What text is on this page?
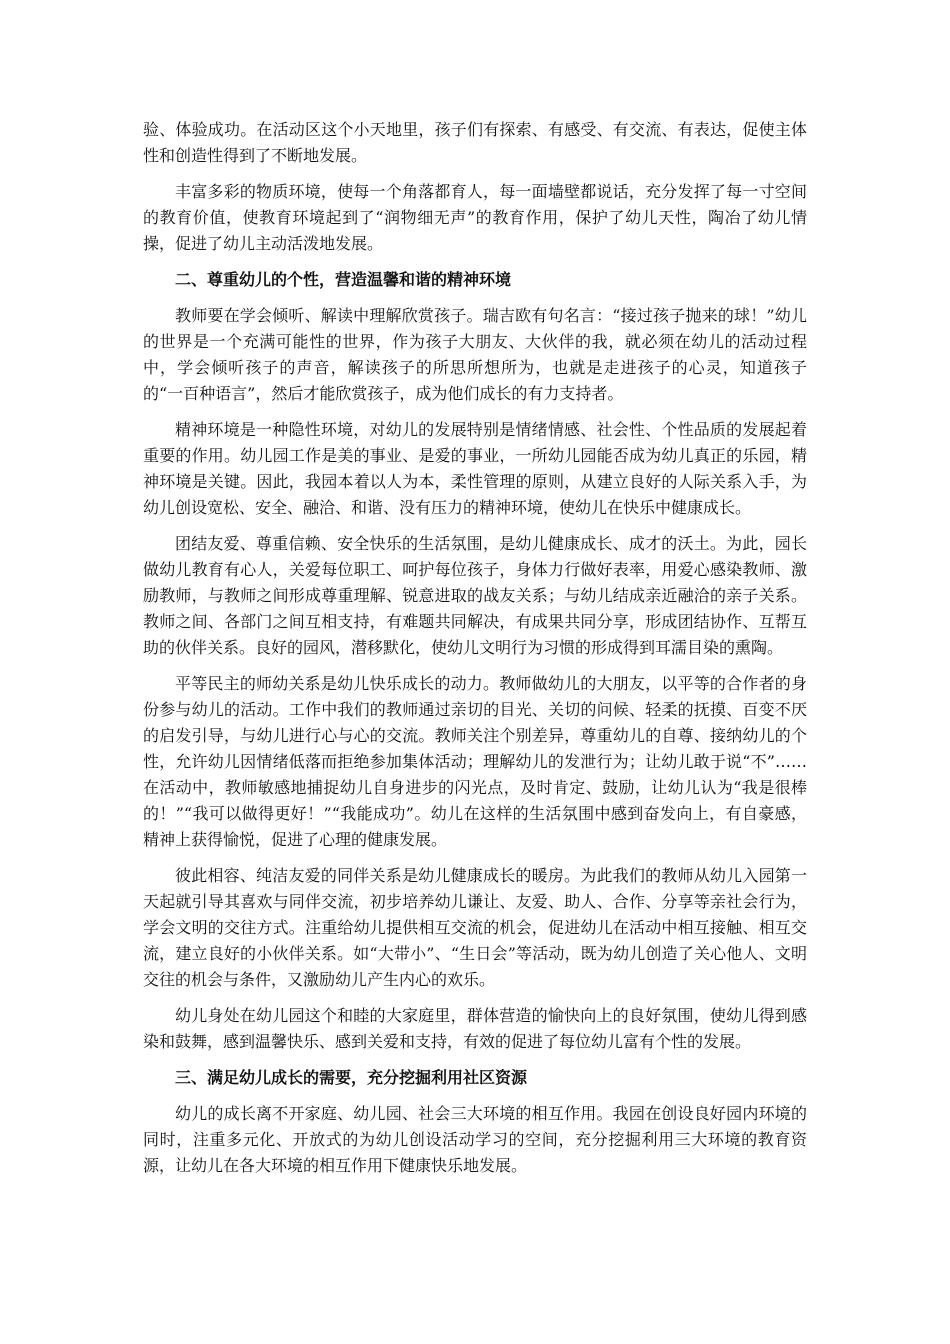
验、体验成功。在活动区这个小天地里，孩子们有探索、有感受、有交流、有表达，促使主体性和创造性得到了不断地发展。

丰富多彩的物质环境，使每一个角落都育人，每一面墙壁都说话，充分发挥了每一寸空间的教育价值，使教育环境起到了“润物细无声”的教育作用，保护了幼儿天性，陶冶了幼儿情操，促进了幼儿主动活泼地发展。

二、尊重幼儿的个性，营造温馨和谐的精神环境

教师要在学会倾听、解读中理解欣赏孩子。瑞吉欧有句名言：“接过孩子抛来的球！”幼儿的世界是一个充满可能性的世界，作为孩子大朋友、大伙伴的我，就必须在幼儿的活动过程中，学会倾听孩子的声音，解读孩子的所思所想所为，也就是走进孩子的心灵，知道孩子的“一百种语言”，然后才能欣赏孩子，成为他们成长的有力支持者。

精神环境是一种隐性环境，对幼儿的发展特别是情绪情感、社会性、个性品质的发展起着重要的作用。幼儿园工作是美的事业、是爱的事业，一所幼儿园能否成为幼儿真正的乐园，精神环境是关键。因此，我园本着以人为本，柔性管理的原则，从建立良好的人际关系入手，为幼儿创设宽松、安全、融洽、和谐、没有压力的精神环境，使幼儿在快乐中健康成长。

团结友爱、尊重信赖、安全快乐的生活氛围，是幼儿健康成长、成才的沃土。为此，园长做幼儿教育有心人，关爱每位职工、呵护每位孩子，身体力行做好表率，用爱心感染教师、激励教师，与教师之间形成尊重理解、锐意进取的战友关系；与幼儿结成亲近融洽的亲子关系。教师之间、各部门之间互相支持，有难题共同解决，有成果共同分享，形成团结协作、互帮互助的伙伴关系。良好的园风，潜移默化，使幼儿文明行为习惯的形成得到耳濡目染的熏陶。

平等民主的师幼关系是幼儿快乐成长的动力。教师做幼儿的大朋友，以平等的合作者的身份参与幼儿的活动。工作中我们的教师通过亲切的目光、关切的问候、轻柔的抚摸、百变不厌的启发引导，与幼儿进行心与心的交流。教师关注个别差异，尊重幼儿的自尊、接纳幼儿的个性，允许幼儿因情绪低落而拒绝参加集体活动；理解幼儿的发泄行为；让幼儿敢于说“不”……在活动中，教师敏感地捕捉幼儿自身进步的闪光点，及时肯定、鼓励，让幼儿认为“我是很棒的！”“我可以做得更好！”“我能成功”。幼儿在这样的生活氛围中感到奋发向上，有自豪感，精神上获得愉悦，促进了心理的健康发展。

彼此相容、纯洁友爱的同伴关系是幼儿健康成长的暖房。为此我们的教师从幼儿入园第一天起就引导其喜欢与同伴交流，初步培养幼儿谦让、友爱、助人、合作、分享等亲社会行为，学会文明的交往方式。注重给幼儿提供相互交流的机会，促进幼儿在活动中相互接触、相互交流，建立良好的小伙伴关系。如“大带小”、“生日会”等活动，既为幼儿创造了关心他人、文明交往的机会与条件，又激励幼儿产生内心的欢乐。

幼儿身处在幼儿园这个和睦的大家庭里，群体营造的愉快向上的良好氛围，使幼儿得到感染和鼓舞，感到温馨快乐、感到关爱和支持，有效的促进了每位幼儿富有个性的发展。

三、满足幼儿成长的需要，充分挖掘利用社区资源

幼儿的成长离不开家庭、幼儿园、社会三大环境的相互作用。我园在创设良好园内环境的同时，注重多元化、开放式的为幼儿创设活动学习的空间，充分挖掘利用三大环境的教育资源，让幼儿在各大环境的相互作用下健康快乐地发展。
